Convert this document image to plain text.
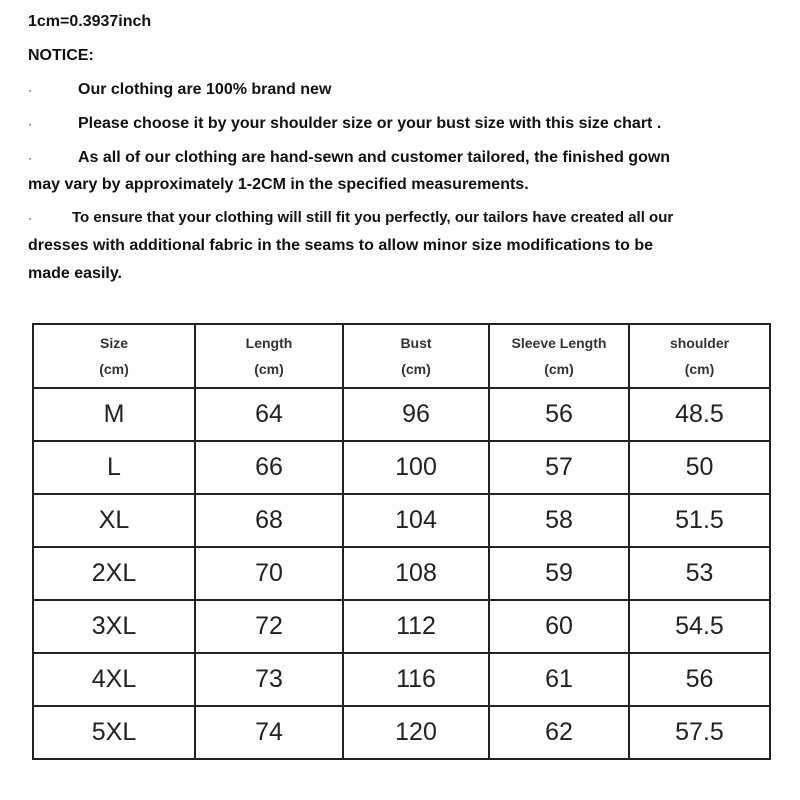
1cm=0.3937inch
NOTICE:
·	Our clothing are 100% brand new
·	Please choose it by your shoulder size or your bust size with this size chart .
·	As all of our clothing are hand-sewn and customer tailored, the finished gown
may vary by approximately 1-2CM in the specified measurements.
·	To ensure that your clothing will still fit you perfectly, our tailors have created all our
dresses with additional fabric in the seams to allow minor size modifications to be
made easily.
Size
(cm)	Length
(cm)	Bust
(cm)	Sleeve Length
(cm)	shoulder
(cm)

M	64	96	56	48.5
L	66	100	57	50
XL	68	104	58	51.5
2XL	70	108	59	53
3XL	72	112	60	54.5
4XL	73	116	61	56
5XL	74	120	62	57.5
